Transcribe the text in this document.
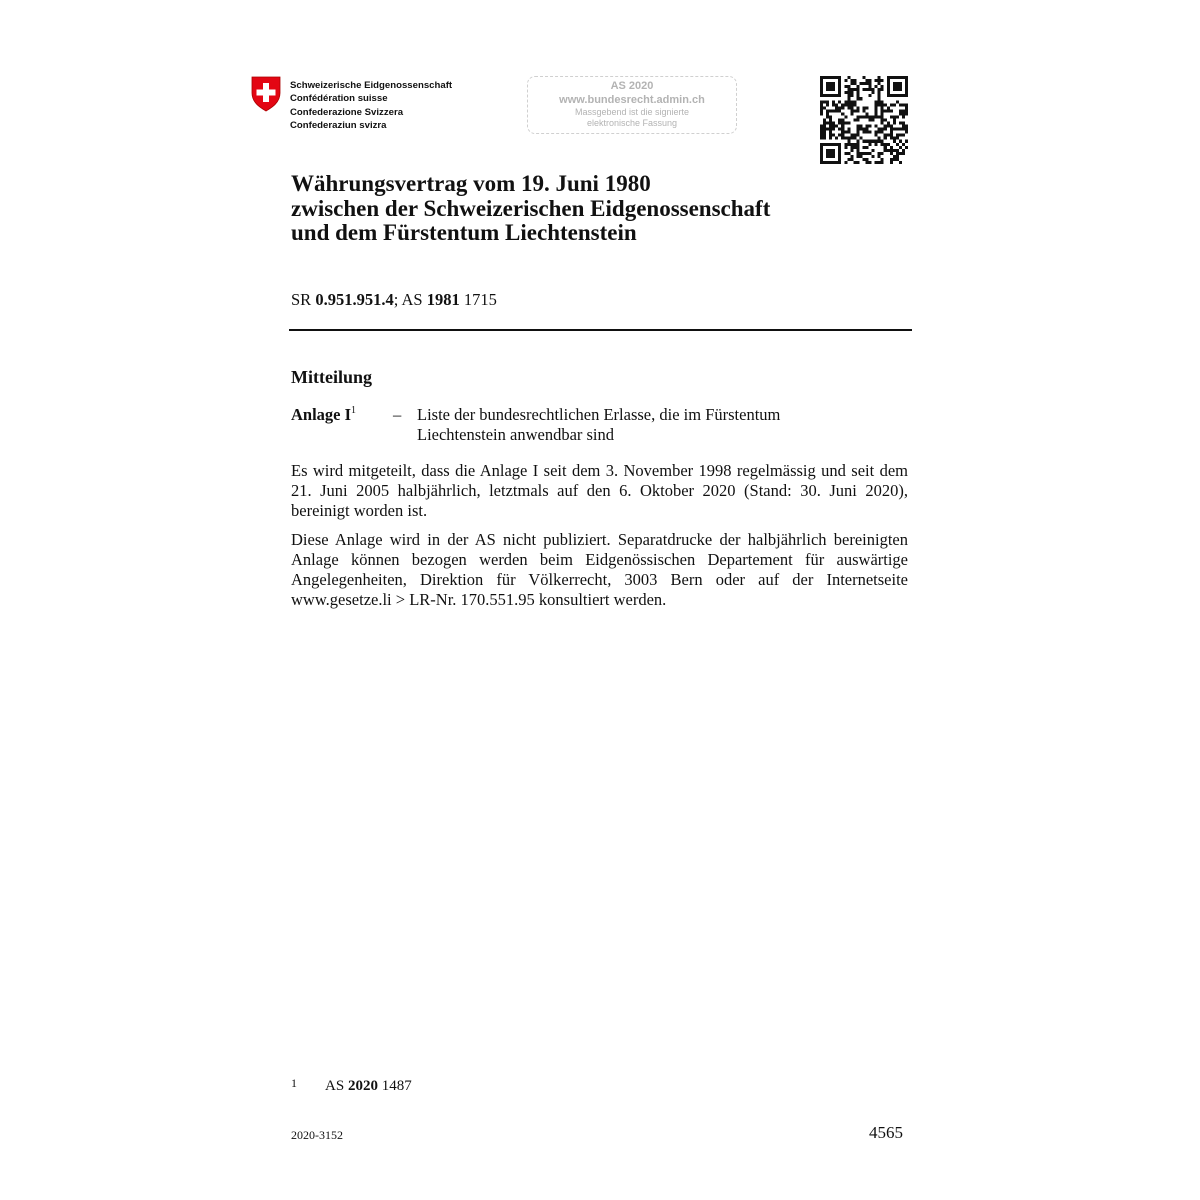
Schweizerische Eidgenossenschaft
Confédération suisse
Confederazione Svizzera
Confederaziun svizra
AS 2020
www.bundesrecht.admin.ch
Massgebend ist die signierte
elektronische Fassung
Währungsvertrag vom 19. Juni 1980
zwischen der Schweizerischen Eidgenossenschaft
und dem Fürstentum Liechtenstein
SR 0.951.951.4; AS 1981 1715
Mitteilung
Anlage $I^1$ – Liste der bundesrechtlichen Erlasse, die im Fürstentum
Liechtenstein anwendbar sind
Es wird mitgeteilt, dass die Anlage I seit dem 3. November 1998 regelmässig und seit dem 21. Juni 2005 halbjährlich, letztmals auf den 6. Oktober 2020 (Stand: 30. Juni 2020), bereinigt worden ist.
Diese Anlage wird in der AS nicht publiziert. Separatdrucke der halbjährlich bereinigten Anlage können bezogen werden beim Eidgenössischen Departement für auswärtige Angelegenheiten, Direktion für Völkerrecht, 3003 Bern oder auf der Internetseite www.gesetze.li > LR-Nr. 170.551.95 konsultiert werden.
1 AS 2020 1487
2020-3152	4565
